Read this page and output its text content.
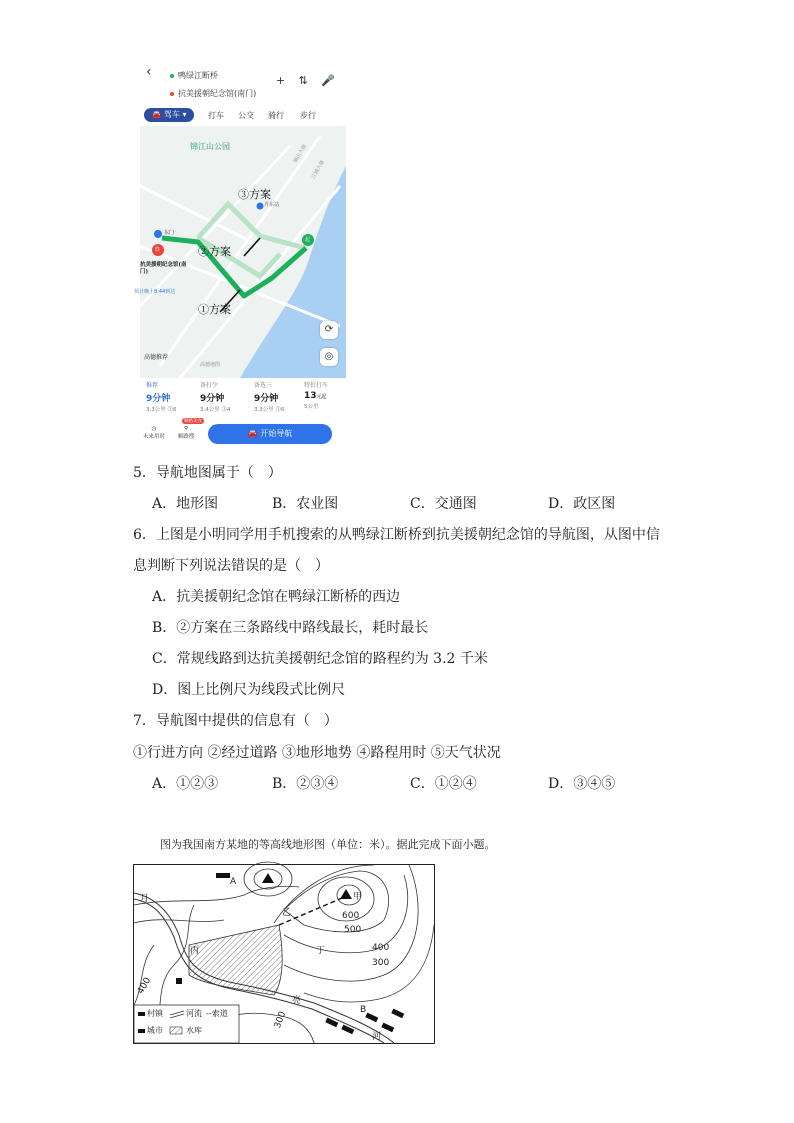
‹	鸭绿江断桥
抗美援朝纪念馆(南门)
+ ⇅ 🎤
🚘 驾车 ▾	打车 公交 骑行 步行
锦江山公园	锦山大街
江城大街
③方案
丹东站
②方案
①方案
起
终
东门
抗美援朝纪念馆(南门)
预计晚上8:44到达
⟳
◎
高德推荐
高德地图
推荐
9分钟
3.3公里 ⓵6
备打少
9分钟
3.4公里 ⓵4
备选三
9分钟
3.3公里 ⓵6
特价打车
13元起
5公里
◷
未来用时
⚲
顺路搜
顺路美食
🚘 开始导航
5．导航地图属于（　）
A．地形图	B．农业图	C．交通图	D．政区图
6．上图是小明同学用手机搜索的从鸭绿江断桥到抗美援朝纪念馆的导航图，从图中信
息判断下列说法错误的是（　）
A．抗美援朝纪念馆在鸭绿江断桥的西边
B．②方案在三条路线中路线最长，耗时最长
C．常规线路到达抗美援朝纪念馆的路程约为 3.2 千米
D．图上比例尺为线段式比例尺
7．导航图中提供的信息有（　）
①行进方向 ②经过道路 ③地形地势 ④路程用时 ⑤天气状况
A．①②③	B．②③④	C．①②④	D．③④⑤
图为我国南方某地的等高线地形图（单位：米）。据此完成下面小题。
A
甲
乙	600
500
丁	400
300
丙
月
400
300
亮
B
河
村镇	河流 --索道
城市	水库
